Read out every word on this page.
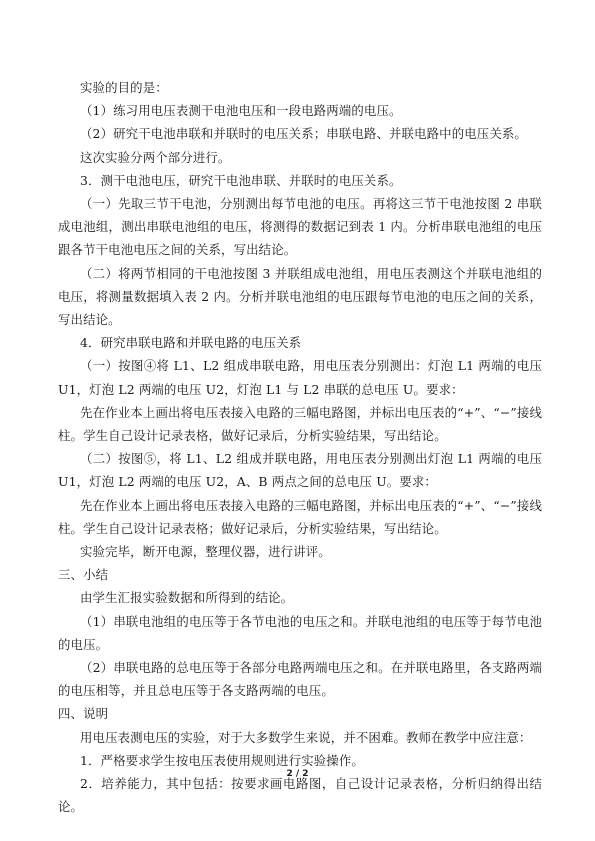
实验的目的是：

（1）练习用电压表测干电池电压和一段电路两端的电压。

（2）研究干电池串联和并联时的电压关系；串联电路、并联电路中的电压关系。

这次实验分两个部分进行。

3．测干电池电压，研究干电池串联、并联时的电压关系。

（一）先取三节干电池，分别测出每节电池的电压。再将这三节干电池按图 2 串联成电池组，测出串联电池组的电压，将测得的数据记到表 1 内。分析串联电池组的电压跟各节干电池电压之间的关系，写出结论。

（二）将两节相同的干电池按图 3 并联组成电池组，用电压表测这个并联电池组的电压，将测量数据填入表 2 内。分析并联电池组的电压跟每节电池的电压之间的关系，写出结论。

4．研究串联电路和并联电路的电压关系

（一）按图④将 L1、L2 组成串联电路，用电压表分别测出：灯泡 L1 两端的电压 U1，灯泡 L2 两端的电压 U2，灯泡 L1 与 L2 串联的总电压 U。要求：

先在作业本上画出将电压表接入电路的三幅电路图，并标出电压表的“+”、“−”接线柱。学生自己设计记录表格，做好记录后，分析实验结果，写出结论。

（二）按图⑤，将 L1、L2 组成并联电路，用电压表分别测出灯泡 L1 两端的电压 U1，灯泡 L2 两端的电压 U2，A、B 两点之间的总电压 U。要求：

先在作业本上画出将电压表接入电路的三幅电路图，并标出电压表的“+”、“−”接线柱。学生自己设计记录表格；做好记录后，分析实验结果，写出结论。

实验完毕，断开电源，整理仪器，进行讲评。

三、小结

由学生汇报实验数据和所得到的结论。

（1）串联电池组的电压等于各节电池的电压之和。并联电池组的电压等于每节电池的电压。

（2）串联电路的总电压等于各部分电路两端电压之和。在并联电路里，各支路两端的电压相等，并且总电压等于各支路两端的电压。

四、说明

用电压表测电压的实验，对于大多数学生来说，并不困难。教师在教学中应注意：

1．严格要求学生按电压表使用规则进行实验操作。

2．培养能力，其中包括：按要求画电路图，自己设计记录表格，分析归纳得出结论。

2 / 2
